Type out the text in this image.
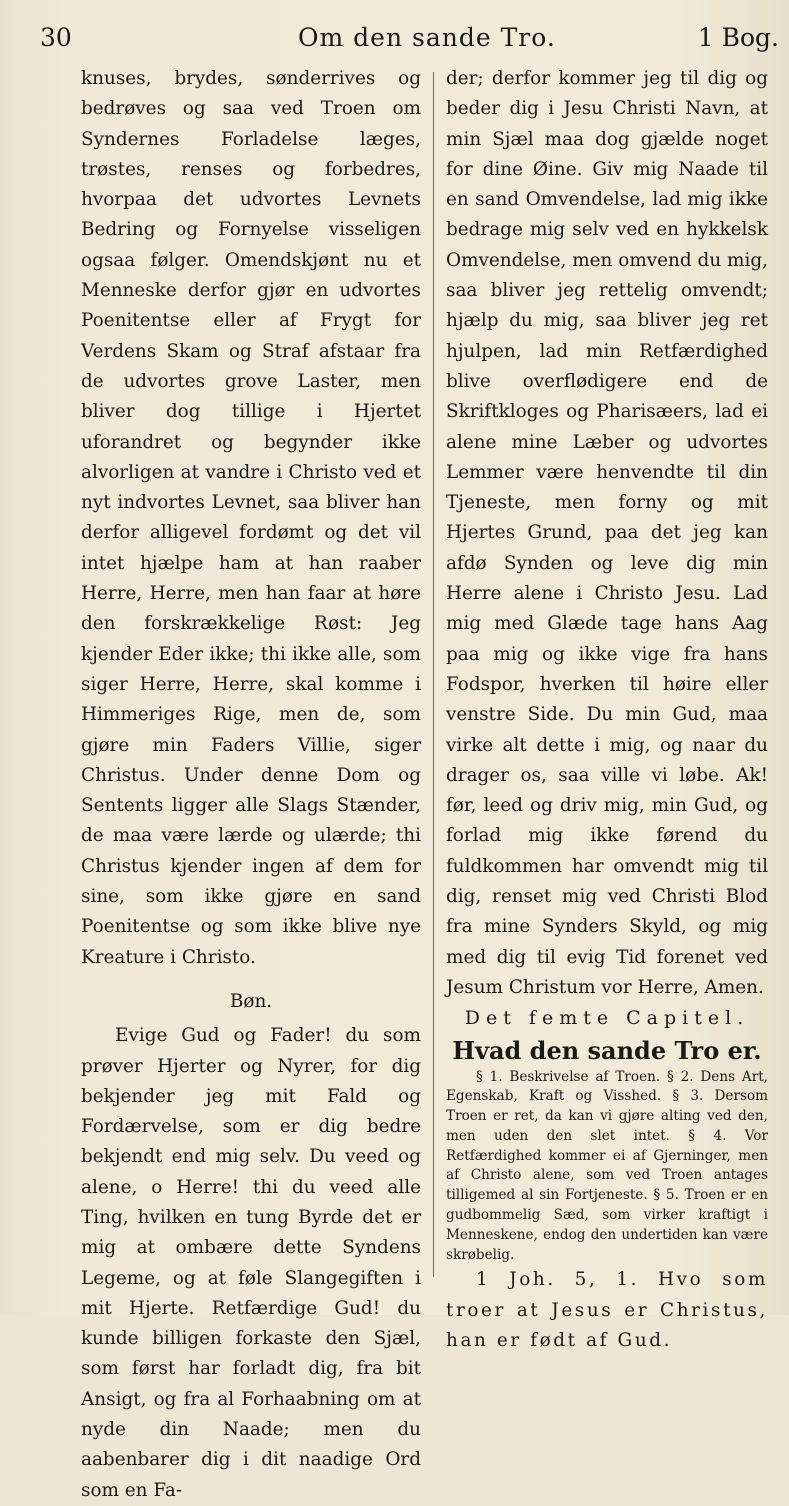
30	Om den sande Tro.	1 Bog.

knuses, brydes, sønderrives og bedrøves og saa ved Troen om Syndernes Forladelse læges, trøstes, renses og forbedres, hvorpaa det udvortes Levnets Bedring og Fornyelse visseligen ogsaa følger. Omendskjønt nu et Menneske derfor gjør en udvortes Poenitentse eller af Frygt for Verdens Skam og Straf afstaar fra de udvortes grove Laster, men bliver dog tillige i Hjertet uforandret og begynder ikke alvorligen at vandre i Christo ved et nyt indvortes Levnet, saa bliver han derfor alligevel fordømt og det vil intet hjælpe ham at han raaber Herre, Herre, men han faar at høre den forskrækkelige Røst: Jeg kjender Eder ikke; thi ikke alle, som siger Herre, Herre, skal komme i Himmeriges Rige, men de, som gjøre min Faders Villie, siger Christus. Under denne Dom og Sentents ligger alle Slags Stænder, de maa være lærde og ulærde; thi Christus kjender ingen af dem for sine, som ikke gjøre en sand Poenitentse og som ikke blive nye Kreature i Christo.

Bøn.

Evige Gud og Fader! du som prøver Hjerter og Nyrer, for dig bekjender jeg mit Fald og Fordærvelse, som er dig bedre bekjendt end mig selv. Du veed og alene, o Herre! thi du veed alle Ting, hvilken en tung Byrde det er mig at ombære dette Syndens Legeme, og at føle Slangegiften i mit Hjerte. Retfærdige Gud! du kunde billigen forkaste den Sjæl, som først har forladt dig, fra bit Ansigt, og fra al Forhaabning om at nyde din Naade; men du aabenbarer dig i dit naadige Ord som en Fa-

der; derfor kommer jeg til dig og beder dig i Jesu Christi Navn, at min Sjæl maa dog gjælde noget for dine Øine. Giv mig Naade til en sand Omvendelse, lad mig ikke bedrage mig selv ved en hykkelsk Omvendelse, men omvend du mig, saa bliver jeg rettelig omvendt; hjælp du mig, saa bliver jeg ret hjulpen, lad min Retfærdighed blive overflødigere end de Skriftkloges og Pharisæers, lad ei alene mine Læber og udvortes Lemmer være henvendte til din Tjeneste, men forny og mit Hjertes Grund, paa det jeg kan afdø Synden og leve dig min Herre alene i Christo Jesu. Lad mig med Glæde tage hans Aag paa mig og ikke vige fra hans Fodspor, hverken til høire eller venstre Side. Du min Gud, maa virke alt dette i mig, og naar du drager os, saa ville vi løbe. Ak! før, leed og driv mig, min Gud, og forlad mig ikke førend du fuldkommen har omvendt mig til dig, renset mig ved Christi Blod fra mine Synders Skyld, og mig med dig til evig Tid forenet ved Jesum Christum vor Herre, Amen.

Det femte Capitel.

Hvad den sande Tro er.

§ 1. Beskrivelse af Troen. § 2. Dens Art, Egenskab, Kraft og Visshed. § 3. Dersom Troen er ret, da kan vi gjøre alting ved den, men uden den slet intet. § 4. Vor Retfærdighed kommer ei af Gjerninger, men af Christo alene, som ved Troen antages tilligemed al sin Fortjeneste. § 5. Troen er en gudbommelig Sæd, som virker kraftigt i Menneskene, endog den undertiden kan være skrøbelig.

1 Joh. 5, 1. Hvo som troer at Jesus er Christus, han er født af Gud.
